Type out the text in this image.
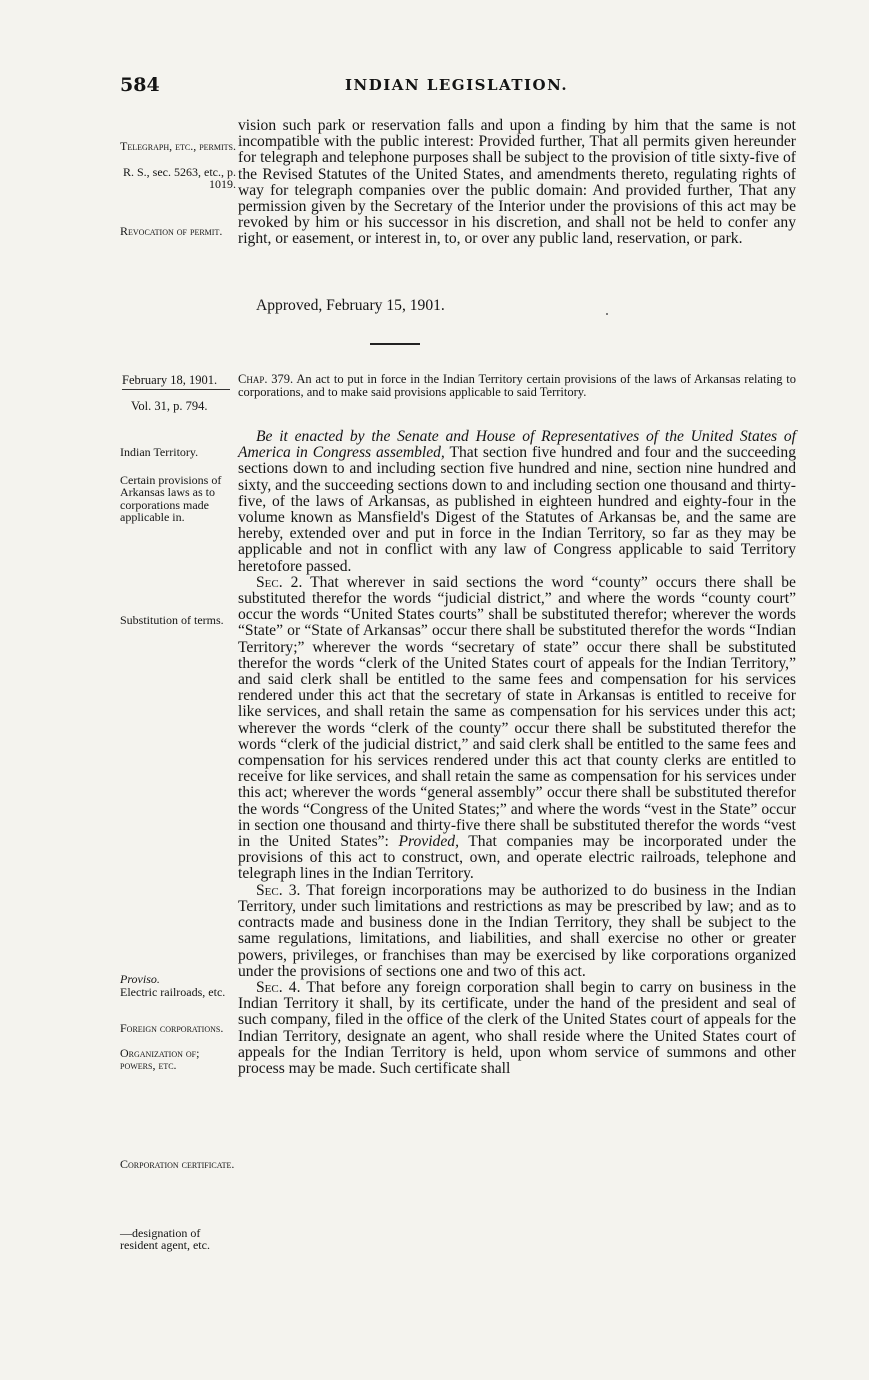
584	INDIAN LEGISLATION.

Telegraph, etc., permits.

R. S., sec. 5263, etc., p. 1019.

Revocation of permit.

vision such park or reservation falls and upon a finding by him that the same is not incompatible with the public interest: Provided further, That all permits given hereunder for telegraph and telephone purposes shall be subject to the provision of title sixty-five of the Revised Statutes of the United States, and amendments thereto, regulating rights of way for telegraph companies over the public domain: And provided further, That any permission given by the Secretary of the Interior under the provisions of this act may be revoked by him or his successor in his discretion, and shall not be held to confer any right, or easement, or interest in, to, or over any public land, reservation, or park.

Approved, February 15, 1901.
February 18, 1901.
Vol. 31, p. 794.

Chap. 379. An act to put in force in the Indian Territory certain provisions of the laws of Arkansas relating to corporations, and to make said provisions applicable to said Territory.

Indian Territory.

Certain provisions of Arkansas laws as to corporations made applicable in.

Substitution of terms.

Proviso.

Electric railroads, etc.

Foreign corporations.

Organization of; powers, etc.

Corporation certificate.

—designation of resident agent, etc.

Be it enacted by the Senate and House of Representatives of the United States of America in Congress assembled, That section five hundred and four and the succeeding sections down to and including section five hundred and nine, section nine hundred and sixty, and the succeeding sections down to and including section one thousand and thirty-five, of the laws of Arkansas, as published in eighteen hundred and eighty-four in the volume known as Mansfield's Digest of the Statutes of Arkansas be, and the same are hereby, extended over and put in force in the Indian Territory, so far as they may be applicable and not in conflict with any law of Congress applicable to said Territory heretofore passed.

Sec. 2. That wherever in said sections the word “county” occurs there shall be substituted therefor the words “judicial district,” and where the words “county court” occur the words “United States courts” shall be substituted therefor; wherever the words “State” or “State of Arkansas” occur there shall be substituted therefor the words “Indian Territory;” wherever the words “secretary of state” occur there shall be substituted therefor the words “clerk of the United States court of appeals for the Indian Territory,” and said clerk shall be entitled to the same fees and compensation for his services rendered under this act that the secretary of state in Arkansas is entitled to receive for like services, and shall retain the same as compensation for his services under this act; wherever the words “clerk of the county” occur there shall be substituted therefor the words “clerk of the judicial district,” and said clerk shall be entitled to the same fees and compensation for his services rendered under this act that county clerks are entitled to receive for like services, and shall retain the same as compensation for his services under this act; wherever the words “general assembly” occur there shall be substituted therefor the words “Congress of the United States;” and where the words “vest in the State” occur in section one thousand and thirty-five there shall be substituted therefor the words “vest in the United States”: Provided, That companies may be incorporated under the provisions of this act to construct, own, and operate electric railroads, telephone and telegraph lines in the Indian Territory.

Sec. 3. That foreign incorporations may be authorized to do business in the Indian Territory, under such limitations and restrictions as may be prescribed by law; and as to contracts made and business done in the Indian Territory, they shall be subject to the same regulations, limitations, and liabilities, and shall exercise no other or greater powers, privileges, or franchises than may be exercised by like corporations organized under the provisions of sections one and two of this act.

Sec. 4. That before any foreign corporation shall begin to carry on business in the Indian Territory it shall, by its certificate, under the hand of the president and seal of such company, filed in the office of the clerk of the United States court of appeals for the Indian Territory, designate an agent, who shall reside where the United States court of appeals for the Indian Territory is held, upon whom service of summons and other process may be made. Such certificate shall
